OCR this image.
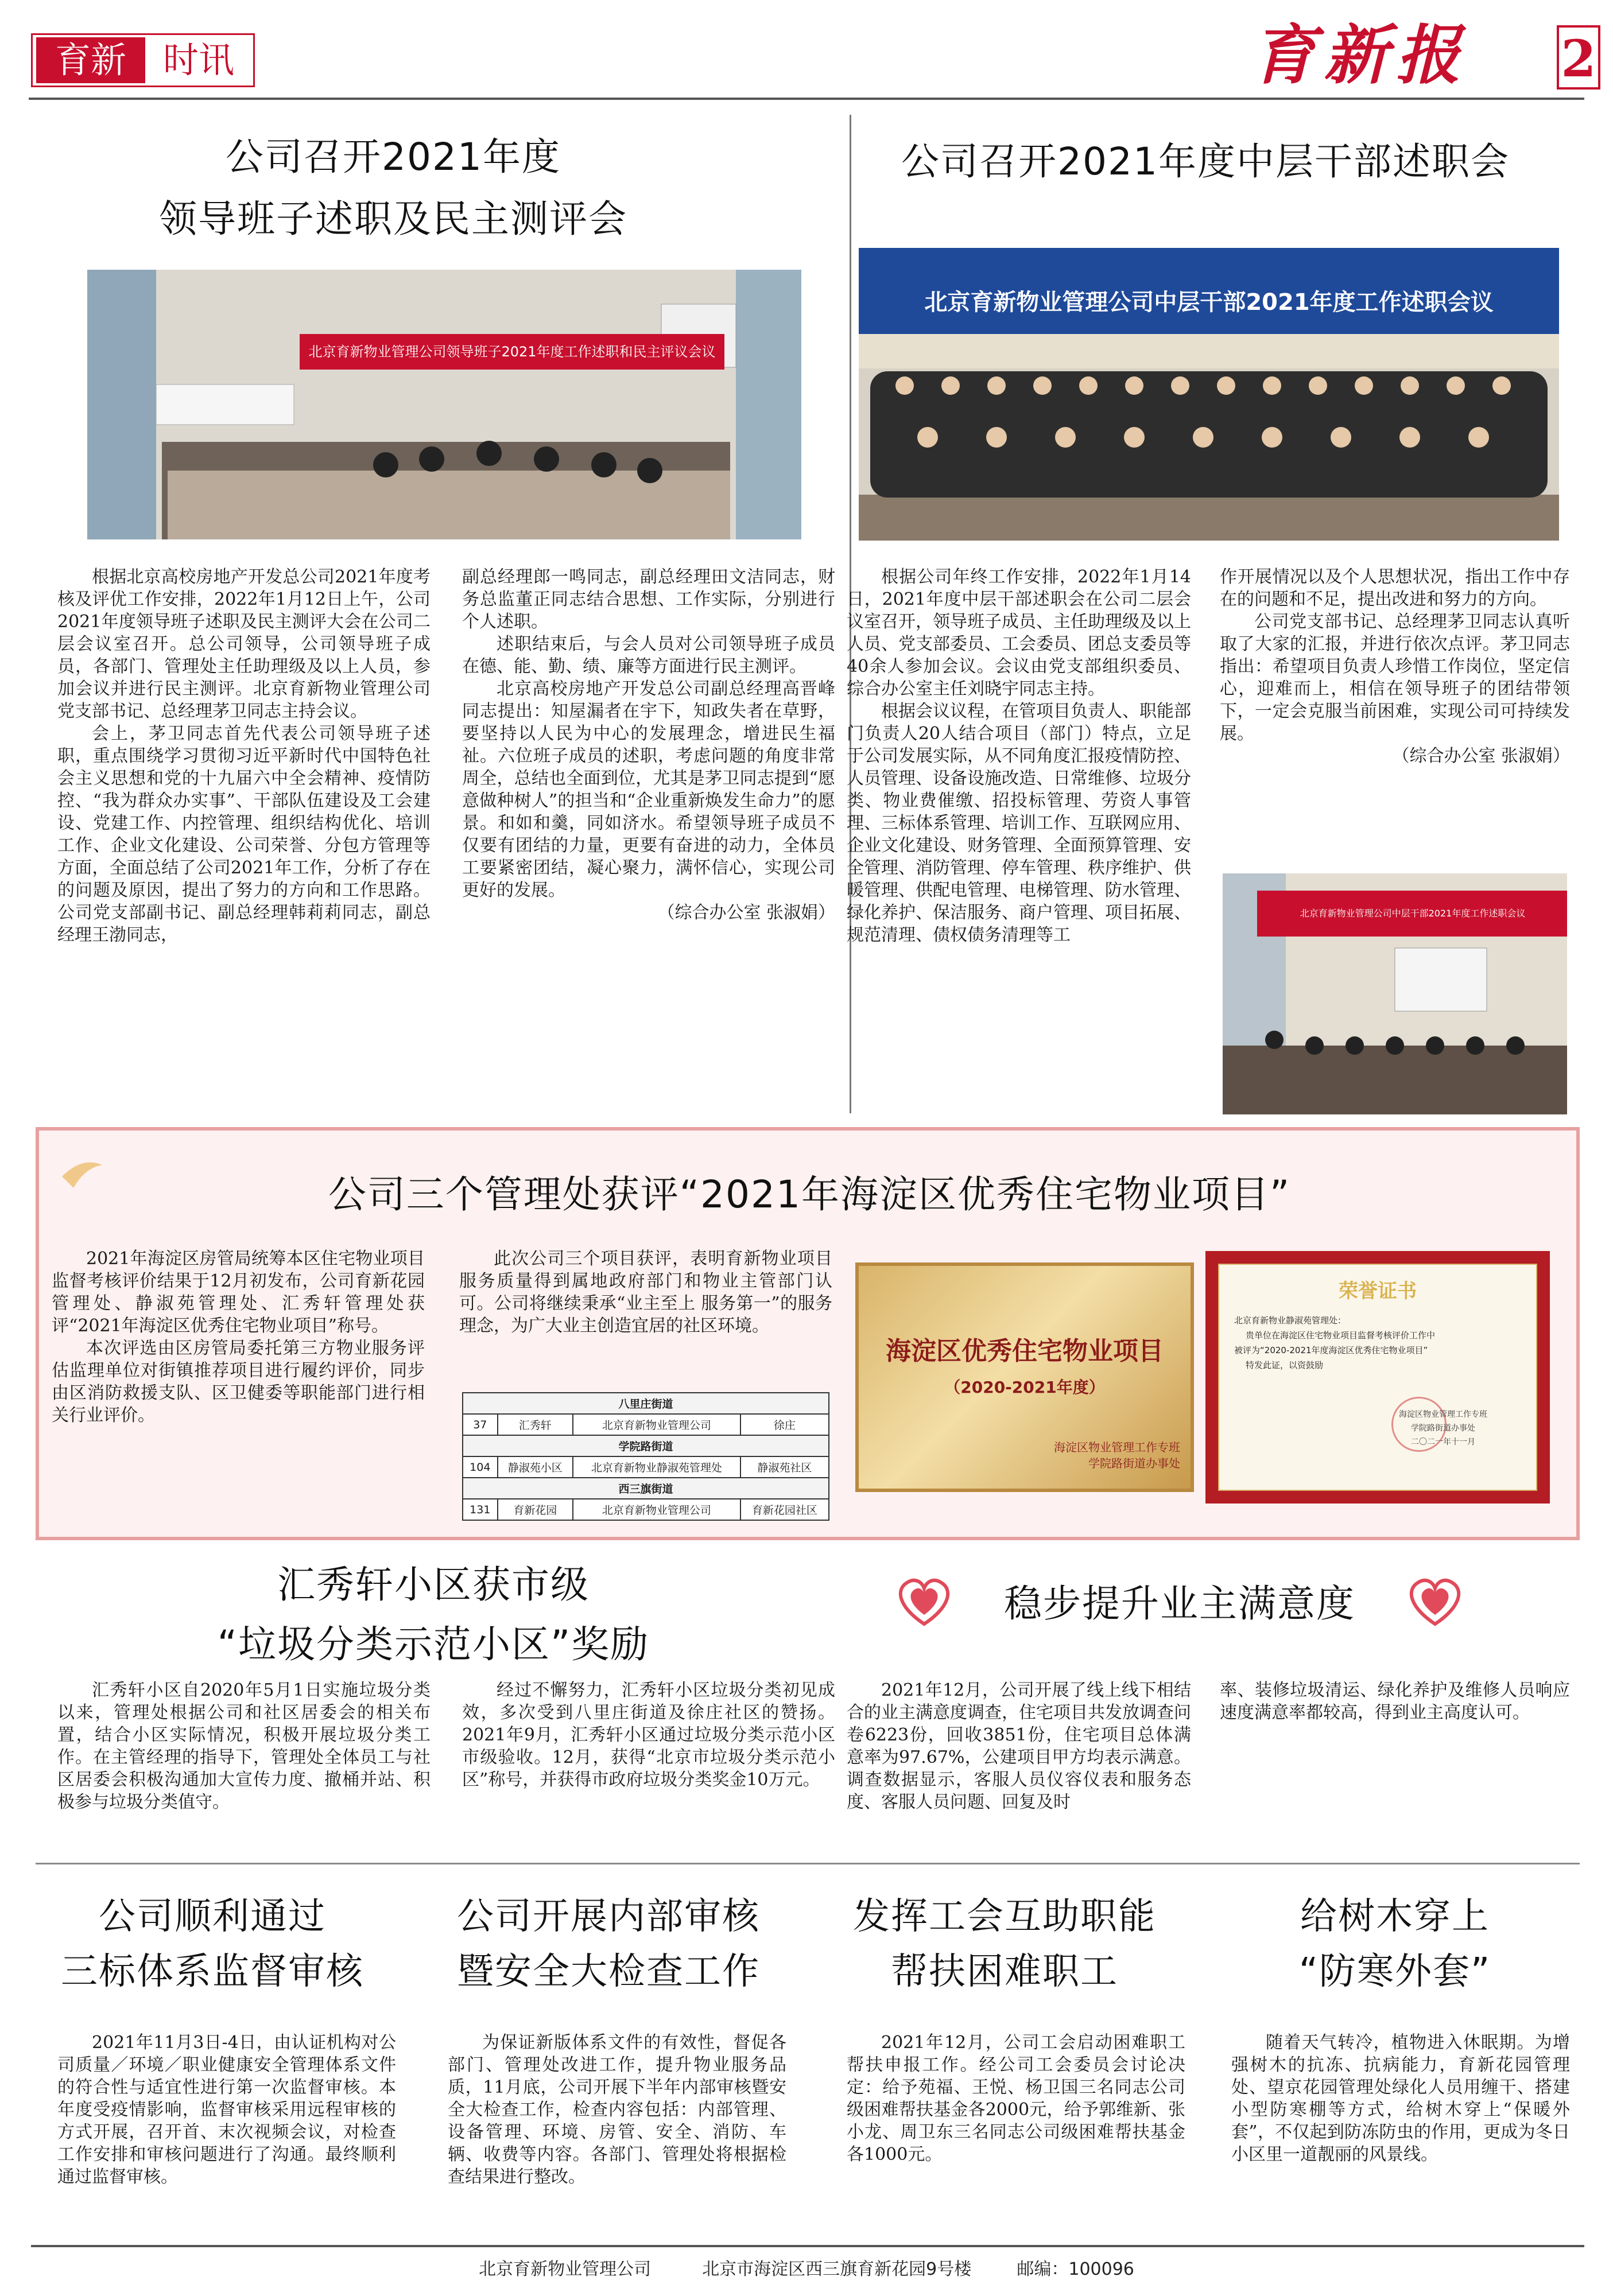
育新	时讯	育新报	2
公司召开2021年度
领导班子述职及民主测评会
北京育新物业管理公司领导班子2021年度工作述职和民主评议会议

根据北京高校房地产开发总公司2021年度考核及评优工作安排，2022年1月12日上午，公司2021年度领导班子述职及民主测评大会在公司二层会议室召开。总公司领导，公司领导班子成员，各部门、管理处主任助理级及以上人员，参加会议并进行民主测评。北京育新物业管理公司党支部书记、总经理茅卫同志主持会议。

会上，茅卫同志首先代表公司领导班子述职，重点围绕学习贯彻习近平新时代中国特色社会主义思想和党的十九届六中全会精神、疫情防控、“我为群众办实事”、干部队伍建设及工会建设、党建工作、内控管理、组织结构优化、培训工作、企业文化建设、公司荣誉、分包方管理等方面，全面总结了公司2021年工作，分析了存在的问题及原因，提出了努力的方向和工作思路。公司党支部副书记、副总经理韩莉莉同志，副总经理王渤同志，

副总经理郎一鸣同志，副总经理田文洁同志，财务总监董正同志结合思想、工作实际，分别进行个人述职。

述职结束后，与会人员对公司领导班子成员在德、能、勤、绩、廉等方面进行民主测评。

北京高校房地产开发总公司副总经理高晋峰同志提出：知屋漏者在宇下，知政失者在草野，要坚持以人民为中心的发展理念，增进民生福祉。六位班子成员的述职，考虑问题的角度非常周全，总结也全面到位，尤其是茅卫同志提到“愿意做种树人”的担当和“企业重新焕发生命力”的愿景。和如和羹，同如济水。希望领导班子成员不仅要有团结的力量，更要有奋进的动力，全体员工要紧密团结，凝心聚力，满怀信心，实现公司更好的发展。

（综合办公室 张淑娟）

公司召开2021年度中层干部述职会
北京育新物业管理公司中层干部2021年度工作述职会议

根据公司年终工作安排，2022年1月14日，2021年度中层干部述职会在公司二层会议室召开，领导班子成员、主任助理级及以上人员、党支部委员、工会委员、团总支委员等40余人参加会议。会议由党支部组织委员、综合办公室主任刘晓宇同志主持。

根据会议议程，在管项目负责人、职能部门负责人20人结合项目（部门）特点，立足于公司发展实际，从不同角度汇报疫情防控、人员管理、设备设施改造、日常维修、垃圾分类、物业费催缴、招投标管理、劳资人事管理、三标体系管理、培训工作、互联网应用、企业文化建设、财务管理、全面预算管理、安全管理、消防管理、停车管理、秩序维护、供暖管理、供配电管理、电梯管理、防水管理、绿化养护、保洁服务、商户管理、项目拓展、规范清理、债权债务清理等工

作开展情况以及个人思想状况，指出工作中存在的问题和不足，提出改进和努力的方向。

公司党支部书记、总经理茅卫同志认真听取了大家的汇报，并进行依次点评。茅卫同志指出：希望项目负责人珍惜工作岗位，坚定信心，迎难而上，相信在领导班子的团结带领下，一定会克服当前困难，实现公司可持续发展。

（综合办公室 张淑娟）

北京育新物业管理公司中层干部2021年度工作述职会议
公司三个管理处获评“2021年海淀区优秀住宅物业项目”

2021年海淀区房管局统筹本区住宅物业项目监督考核评价结果于12月初发布，公司育新花园管理处、静淑苑管理处、汇秀轩管理处获评“2021年海淀区优秀住宅物业项目”称号。

本次评选由区房管局委托第三方物业服务评估监理单位对街镇推荐项目进行履约评价，同步由区消防救援支队、区卫健委等职能部门进行相关行业评价。

此次公司三个项目获评，表明育新物业项目服务质量得到属地政府部门和物业主管部门认可。公司将继续秉承“业主至上 服务第一”的服务理念，为广大业主创造宜居的社区环境。

八里庄街道			
37	汇秀轩	北京育新物业管理公司	徐庄
学院路街道			
104	静淑苑小区	北京育新物业静淑苑管理处	静淑苑社区
西三旗街道			
131	育新花园	北京育新物业管理公司	育新花园社区
海淀区优秀住宅物业项目
（2020-2021年度）
海淀区物业管理工作专班
学院路街道办事处
荣誉证书
北京育新物业静淑苑管理处：
贵单位在海淀区住宅物业项目监督考核评价工作中
被评为“2020-2021年度海淀区优秀住宅物业项目”
特发此证，以资鼓励
海淀区物业管理工作专班
学院路街道办事处
二〇二一年十一月
汇秀轩小区获市级
“垃圾分类示范小区”奖励

汇秀轩小区自2020年5月1日实施垃圾分类以来，管理处根据公司和社区居委会的相关布置，结合小区实际情况，积极开展垃圾分类工作。在主管经理的指导下，管理处全体员工与社区居委会积极沟通加大宣传力度、撤桶并站、积极参与垃圾分类值守。

经过不懈努力，汇秀轩小区垃圾分类初见成效，多次受到八里庄街道及徐庄社区的赞扬。2021年9月，汇秀轩小区通过垃圾分类示范小区市级验收。12月，获得“北京市垃圾分类示范小区”称号，并获得市政府垃圾分类奖金10万元。

稳步提升业主满意度

2021年12月，公司开展了线上线下相结合的业主满意度调查，住宅项目共发放调查问卷6223份，回收3851份，住宅项目总体满意率为97.67%，公建项目甲方均表示满意。调查数据显示，客服人员仪容仪表和服务态度、客服人员问题、回复及时

率、装修垃圾清运、绿化养护及维修人员响应速度满意率都较高，得到业主高度认可。

公司顺利通过
三标体系监督审核

2021年11月3日-4日，由认证机构对公司质量／环境／职业健康安全管理体系文件的符合性与适宜性进行第一次监督审核。本年度受疫情影响，监督审核采用远程审核的方式开展，召开首、末次视频会议，对检查工作安排和审核问题进行了沟通。最终顺利通过监督审核。

公司开展内部审核
暨安全大检查工作

为保证新版体系文件的有效性，督促各部门、管理处改进工作，提升物业服务品质，11月底，公司开展下半年内部审核暨安全大检查工作，检查内容包括：内部管理、设备管理、环境、房管、安全、消防、车辆、收费等内容。各部门、管理处将根据检查结果进行整改。

发挥工会互助职能
帮扶困难职工

2021年12月，公司工会启动困难职工帮扶申报工作。经公司工会委员会讨论决定：给予苑福、王悦、杨卫国三名同志公司级困难帮扶基金各2000元，给予郭维新、张小龙、周卫东三名同志公司级困难帮扶基金各1000元。

给树木穿上
“防寒外套”

随着天气转冷，植物进入休眠期。为增强树木的抗冻、抗病能力，育新花园管理处、望京花园管理处绿化人员用缠干、搭建小型防寒棚等方式，给树木穿上“保暖外套”，不仅起到防冻防虫的作用，更成为冬日小区里一道靓丽的风景线。

北京育新物业管理公司	北京市海淀区西三旗育新花园9号楼	邮编：100096
